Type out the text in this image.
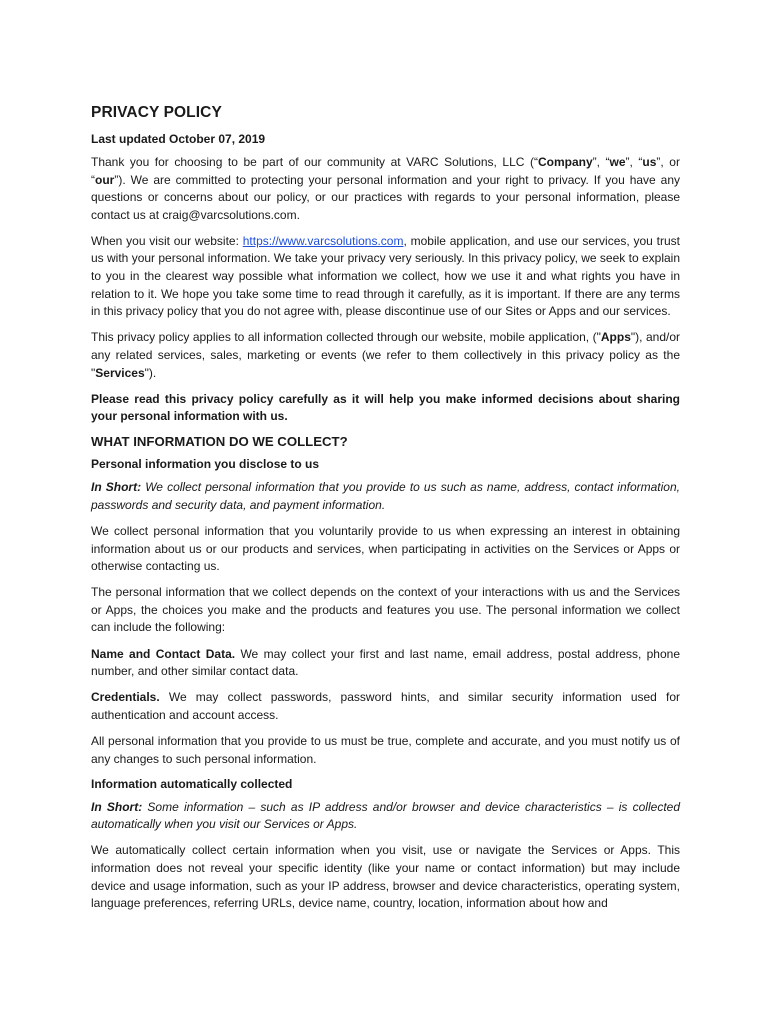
PRIVACY POLICY
Last updated October 07, 2019

Thank you for choosing to be part of our community at VARC Solutions, LLC (“Company”, “we”, “us”, or “our”). We are committed to protecting your personal information and your right to privacy. If you have any questions or concerns about our policy, or our practices with regards to your personal information, please contact us at craig@varcsolutions.com.

When you visit our website: https://www.varcsolutions.com, mobile application, and use our services, you trust us with your personal information. We take your privacy very seriously. In this privacy policy, we seek to explain to you in the clearest way possible what information we collect, how we use it and what rights you have in relation to it. We hope you take some time to read through it carefully, as it is important. If there are any terms in this privacy policy that you do not agree with, please discontinue use of our Sites or Apps and our services.

This privacy policy applies to all information collected through our website, mobile application, ("Apps"), and/or any related services, sales, marketing or events (we refer to them collectively in this privacy policy as the "Services").

Please read this privacy policy carefully as it will help you make informed decisions about sharing your personal information with us.

WHAT INFORMATION DO WE COLLECT?
Personal information you disclose to us

In Short: We collect personal information that you provide to us such as name, address, contact information, passwords and security data, and payment information.

We collect personal information that you voluntarily provide to us when expressing an interest in obtaining information about us or our products and services, when participating in activities on the Services or Apps or otherwise contacting us.

The personal information that we collect depends on the context of your interactions with us and the Services or Apps, the choices you make and the products and features you use. The personal information we collect can include the following:

Name and Contact Data. We may collect your first and last name, email address, postal address, phone number, and other similar contact data.

Credentials. We may collect passwords, password hints, and similar security information used for authentication and account access.

All personal information that you provide to us must be true, complete and accurate, and you must notify us of any changes to such personal information.

Information automatically collected

In Short: Some information – such as IP address and/or browser and device characteristics – is collected automatically when you visit our Services or Apps.

We automatically collect certain information when you visit, use or navigate the Services or Apps. This information does not reveal your specific identity (like your name or contact information) but may include device and usage information, such as your IP address, browser and device characteristics, operating system, language preferences, referring URLs, device name, country, location, information about how and
